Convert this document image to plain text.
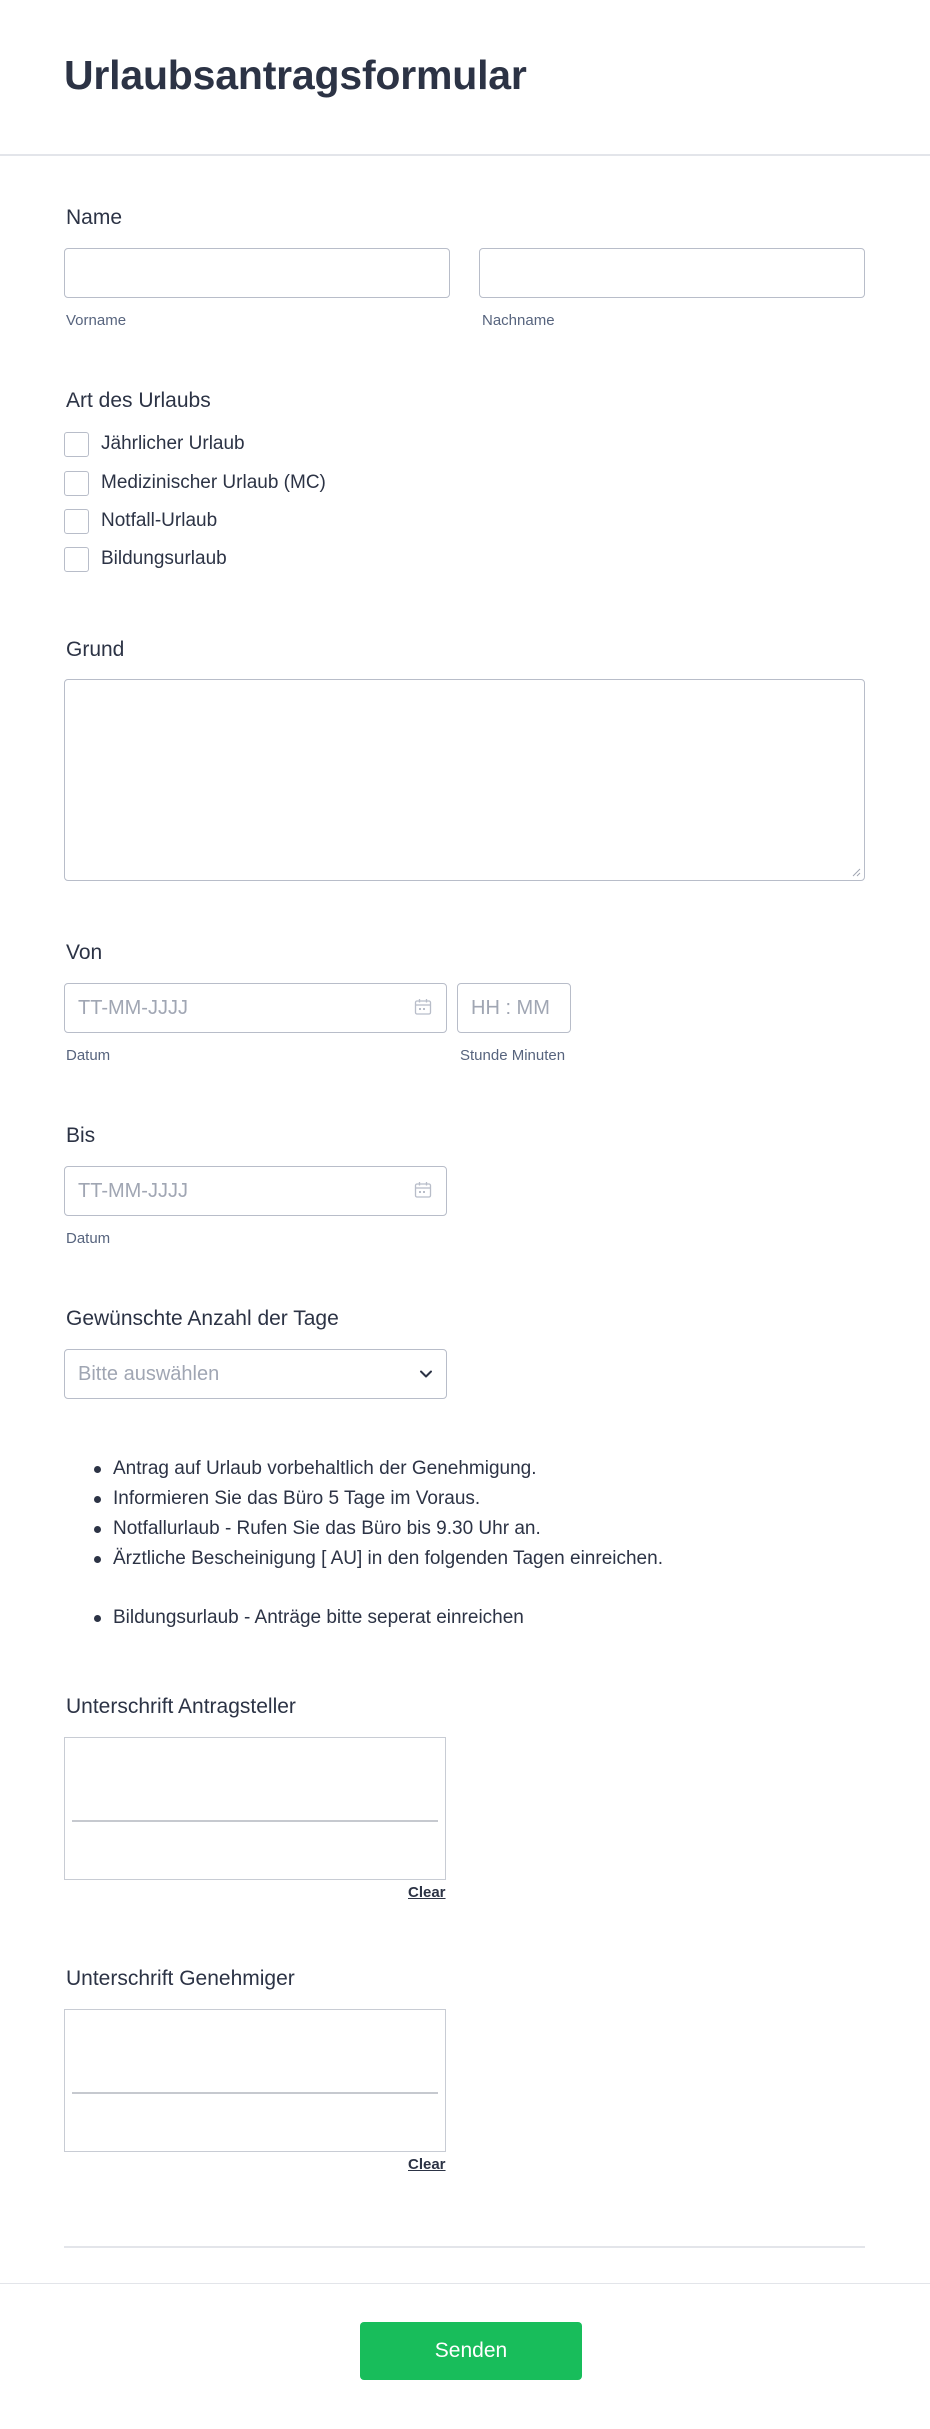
Urlaubsantragsformular
Name
Vorname	Nachname
Art des Urlaubs
Jährlicher Urlaub
Medizinischer Urlaub (MC)
Notfall-Urlaub
Bildungsurlaub
Grund
Von
TT-MM-JJJJ	HH : MM
Datum	Stunde Minuten
Bis
TT-MM-JJJJ
Datum
Gewünschte Anzahl der Tage
Bitte auswählen
Antrag auf Urlaub vorbehaltlich der Genehmigung.
Informieren Sie das Büro 5 Tage im Voraus.
Notfallurlaub - Rufen Sie das Büro bis 9.30 Uhr an.
Ärztliche Bescheinigung [ AU] in den folgenden Tagen einreichen.
Bildungsurlaub - Anträge bitte seperat einreichen
Unterschrift Antragsteller
Clear
Unterschrift Genehmiger
Clear
Senden
